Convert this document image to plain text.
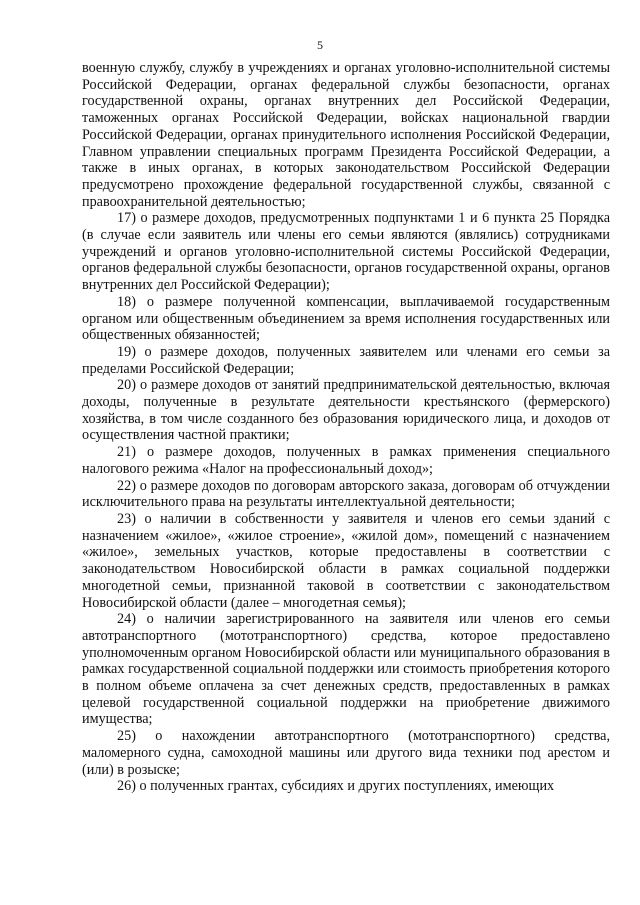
5

военную службу, службу в учреждениях и органах уголовно-исполнительной системы Российской Федерации, органах федеральной службы безопасности, органах государственной охраны, органах внутренних дел Российской Федерации, таможенных органах Российской Федерации, войсках национальной гвардии Российской Федерации, органах принудительного исполнения Российской Федерации, Главном управлении специальных программ Президента Российской Федерации, а также в иных органах, в которых законодательством Российской Федерации предусмотрено прохождение федеральной государственной службы, связанной с правоохранительной деятельностью;

17) о размере доходов, предусмотренных подпунктами 1 и 6 пункта 25 Порядка (в случае если заявитель или члены его семьи являются (являлись) сотрудниками учреждений и органов уголовно-исполнительной системы Российской Федерации, органов федеральной службы безопасности, органов государственной охраны, органов внутренних дел Российской Федерации);

18) о размере полученной компенсации, выплачиваемой государственным органом или общественным объединением за время исполнения государственных или общественных обязанностей;

19) о размере доходов, полученных заявителем или членами его семьи за пределами Российской Федерации;

20) о размере доходов от занятий предпринимательской деятельностью, включая доходы, полученные в результате деятельности крестьянского (фермерского) хозяйства, в том числе созданного без образования юридического лица, и доходов от осуществления частной практики;

21) о размере доходов, полученных в рамках применения специального налогового режима «Налог на профессиональный доход»;

22) о размере доходов по договорам авторского заказа, договорам об отчуждении исключительного права на результаты интеллектуальной деятельности;

23) о наличии в собственности у заявителя и членов его семьи зданий с назначением «жилое», «жилое строение», «жилой дом», помещений с назначением «жилое», земельных участков, которые предоставлены в соответствии с законодательством Новосибирской области в рамках социальной поддержки многодетной семьи, признанной таковой в соответствии с законодательством Новосибирской области (далее – многодетная семья);

24) о наличии зарегистрированного на заявителя или членов его семьи автотранспортного (мототранспортного) средства, которое предоставлено уполномоченным органом Новосибирской области или муниципального образования в рамках государственной социальной поддержки или стоимость приобретения которого в полном объеме оплачена за счет денежных средств, предоставленных в рамках целевой государственной социальной поддержки на приобретение движимого имущества;

25) о нахождении автотранспортного (мототранспортного) средства, маломерного судна, самоходной машины или другого вида техники под арестом и (или) в розыске;

26) о полученных грантах, субсидиях и других поступлениях, имеющих
